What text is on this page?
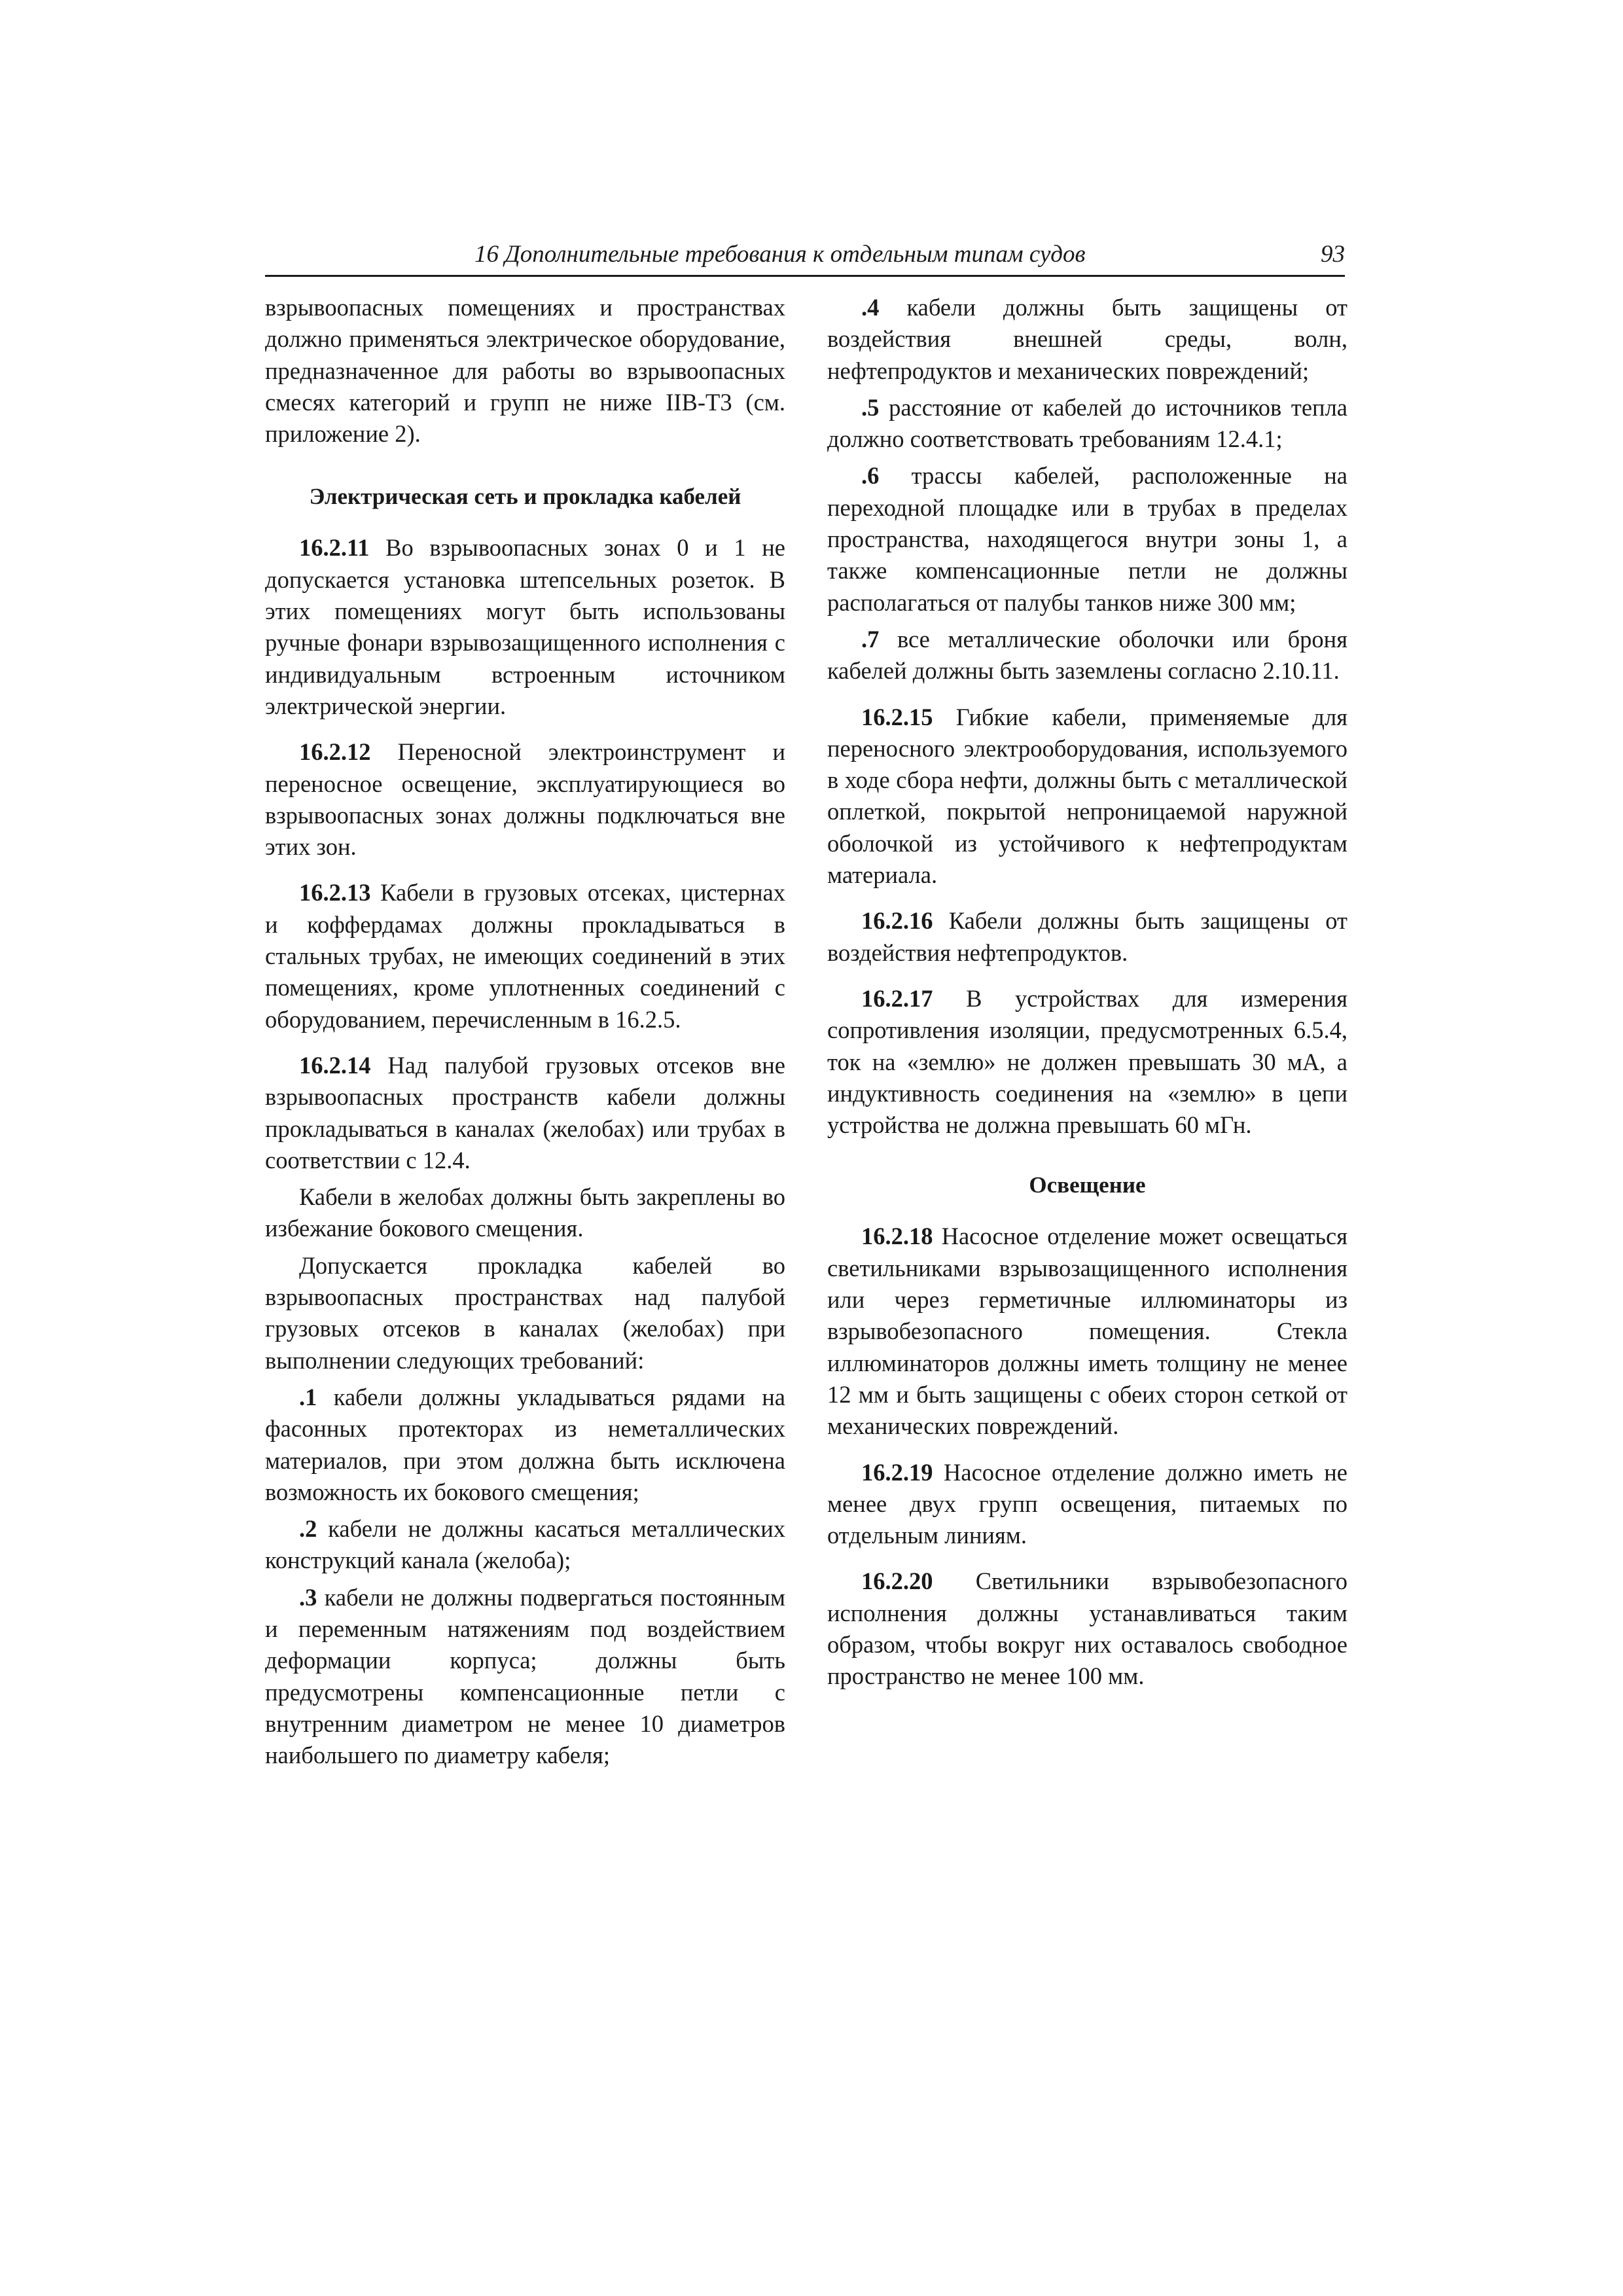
16 Дополнительные требования к отдельным типам судов	93

взрывоопасных помещениях и пространствах должно применяться электрическое оборудование, предназначенное для работы во взрывоопасных смесях категорий и групп не ниже IIВ-Т3 (см. приложение 2).

Электрическая сеть и прокладка кабелей

16.2.11 Во взрывоопасных зонах 0 и 1 не допускается установка штепсельных розеток. В этих помещениях могут быть использованы ручные фонари взрывозащищенного исполнения с индивидуальным встроенным источником электрической энергии.

16.2.12 Переносной электроинструмент и переносное освещение, эксплуатирующиеся во взрывоопасных зонах должны подключаться вне этих зон.

16.2.13 Кабели в грузовых отсеках, цистернах и коффердамах должны прокладываться в стальных трубах, не имеющих соединений в этих помещениях, кроме уплотненных соединений с оборудованием, перечисленным в 16.2.5.

16.2.14 Над палубой грузовых отсеков вне взрывоопасных пространств кабели должны прокладываться в каналах (желобах) или трубах в соответствии с 12.4.

Кабели в желобах должны быть закреплены во избежание бокового смещения.

Допускается прокладка кабелей во взрывоопасных пространствах над палубой грузовых отсеков в каналах (желобах) при выполнении следующих требований:

.1 кабели должны укладываться рядами на фасонных протекторах из неметаллических материалов, при этом должна быть исключена возможность их бокового смещения;

.2 кабели не должны касаться металлических конструкций канала (желоба);

.3 кабели не должны подвергаться постоянным и переменным натяжениям под воздействием деформации корпуса; должны быть предусмотрены компенсационные петли с внутренним диаметром не менее 10 диаметров наибольшего по диаметру кабеля;

.4 кабели должны быть защищены от воздействия внешней среды, волн, нефтепродуктов и механических повреждений;

.5 расстояние от кабелей до источников тепла должно соответствовать требованиям 12.4.1;

.6 трассы кабелей, расположенные на переходной площадке или в трубах в пределах пространства, находящегося внутри зоны 1, а также компенсационные петли не должны располагаться от палубы танков ниже 300 мм;

.7 все металлические оболочки или броня кабелей должны быть заземлены согласно 2.10.11.

16.2.15 Гибкие кабели, применяемые для переносного электрооборудования, используемого в ходе сбора нефти, должны быть с металлической оплеткой, покрытой непроницаемой наружной оболочкой из устойчивого к нефтепродуктам материала.

16.2.16 Кабели должны быть защищены от воздействия нефтепродуктов.

16.2.17 В устройствах для измерения сопротивления изоляции, предусмотренных 6.5.4, ток на «землю» не должен превышать 30 мА, а индуктивность соединения на «землю» в цепи устройства не должна превышать 60 мГн.

Освещение

16.2.18 Насосное отделение может освещаться светильниками взрывозащищенного исполнения или через герметичные иллюминаторы из взрывобезопасного помещения. Стекла иллюминаторов должны иметь толщину не менее 12 мм и быть защищены с обеих сторон сеткой от механических повреждений.

16.2.19 Насосное отделение должно иметь не менее двух групп освещения, питаемых по отдельным линиям.

16.2.20 Светильники взрывобезопасного исполнения должны устанавливаться таким образом, чтобы вокруг них оставалось свободное пространство не менее 100 мм.
